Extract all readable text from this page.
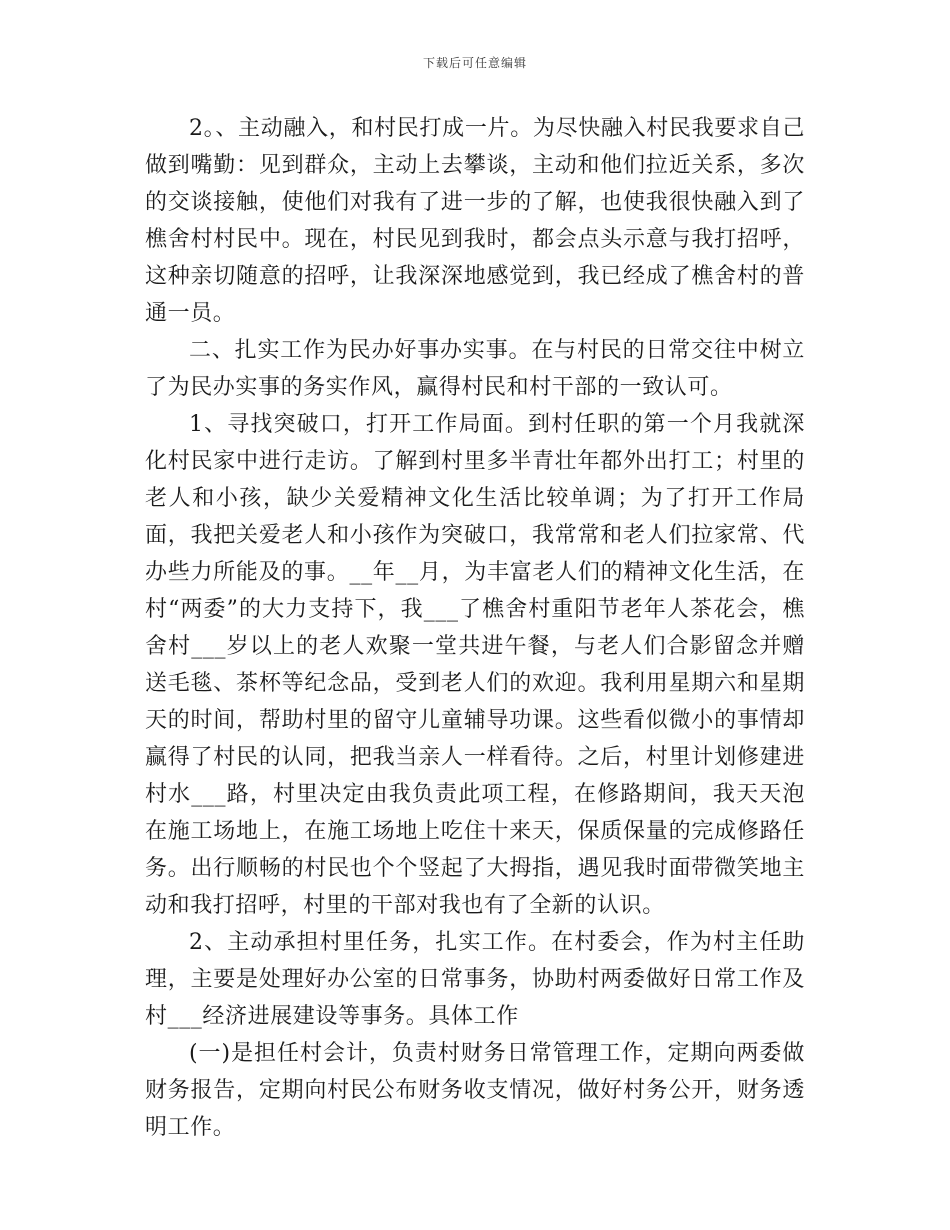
下载后可任意编辑

2。、主动融入，和村民打成一片。为尽快融入村民我要求自己做到嘴勤：见到群众，主动上去攀谈，主动和他们拉近关系，多次的交谈接触，使他们对我有了进一步的了解，也使我很快融入到了樵舍村村民中。现在，村民见到我时，都会点头示意与我打招呼，这种亲切随意的招呼，让我深深地感觉到，我已经成了樵舍村的普通一员。

二、扎实工作为民办好事办实事。在与村民的日常交往中树立了为民办实事的务实作风，赢得村民和村干部的一致认可。

1、寻找突破口，打开工作局面。到村任职的第一个月我就深化村民家中进行走访。了解到村里多半青壮年都外出打工；村里的老人和小孩，缺少关爱精神文化生活比较单调；为了打开工作局面，我把关爱老人和小孩作为突破口，我常常和老人们拉家常、代办些力所能及的事。__年__月，为丰富老人们的精神文化生活，在村“两委”的大力支持下，我___了樵舍村重阳节老年人茶花会，樵舍村___岁以上的老人欢聚一堂共进午餐，与老人们合影留念并赠送毛毯、茶杯等纪念品，受到老人们的欢迎。我利用星期六和星期天的时间，帮助村里的留守儿童辅导功课。这些看似微小的事情却赢得了村民的认同，把我当亲人一样看待。之后，村里计划修建进村水___路，村里决定由我负责此项工程，在修路期间，我天天泡在施工场地上，在施工场地上吃住十来天，保质保量的完成修路任务。出行顺畅的村民也个个竖起了大拇指，遇见我时面带微笑地主动和我打招呼，村里的干部对我也有了全新的认识。

2、主动承担村里任务，扎实工作。在村委会，作为村主任助理，主要是处理好办公室的日常事务，协助村两委做好日常工作及村___经济进展建设等事务。具体工作

(一)是担任村会计，负责村财务日常管理工作，定期向两委做财务报告，定期向村民公布财务收支情况，做好村务公开，财务透明工作。
